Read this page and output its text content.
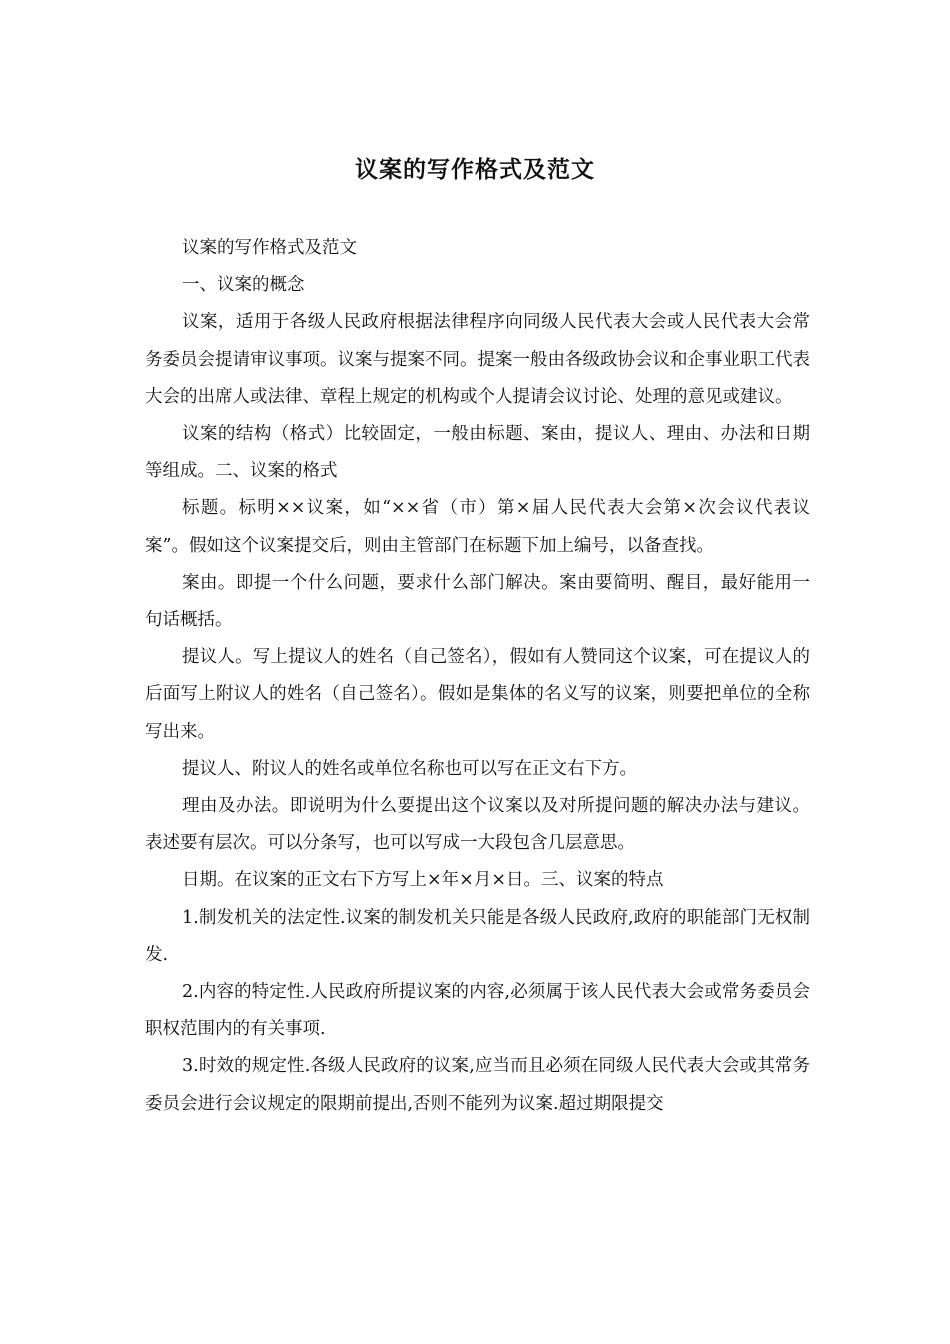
议案的写作格式及范文

议案的写作格式及范文

一、议案的概念

议案，适用于各级人民政府根据法律程序向同级人民代表大会或人民代表大会常务委员会提请审议事项。议案与提案不同。提案一般由各级政协会议和企事业职工代表大会的出席人或法律、章程上规定的机构或个人提请会议讨论、处理的意见或建议。

议案的结构（格式）比较固定，一般由标题、案由，提议人、理由、办法和日期等组成。二、议案的格式

标题。标明××议案，如“××省（市）第×届人民代表大会第×次会议代表议案”。假如这个议案提交后，则由主管部门在标题下加上编号，以备查找。

案由。即提一个什么问题，要求什么部门解决。案由要简明、醒目，最好能用一句话概括。

提议人。写上提议人的姓名（自己签名），假如有人赞同这个议案，可在提议人的后面写上附议人的姓名（自己签名）。假如是集体的名义写的议案，则要把单位的全称写出来。

提议人、附议人的姓名或单位名称也可以写在正文右下方。

理由及办法。即说明为什么要提出这个议案以及对所提问题的解决办法与建议。表述要有层次。可以分条写，也可以写成一大段包含几层意思。

日期。在议案的正文右下方写上×年×月×日。三、议案的特点

1.制发机关的法定性.议案的制发机关只能是各级人民政府,政府的职能部门无权制发.

2.内容的特定性.人民政府所提议案的内容,必须属于该人民代表大会或常务委员会职权范围内的有关事项.

3.时效的规定性.各级人民政府的议案,应当而且必须在同级人民代表大会或其常务委员会进行会议规定的限期前提出,否则不能列为议案.超过期限提交
